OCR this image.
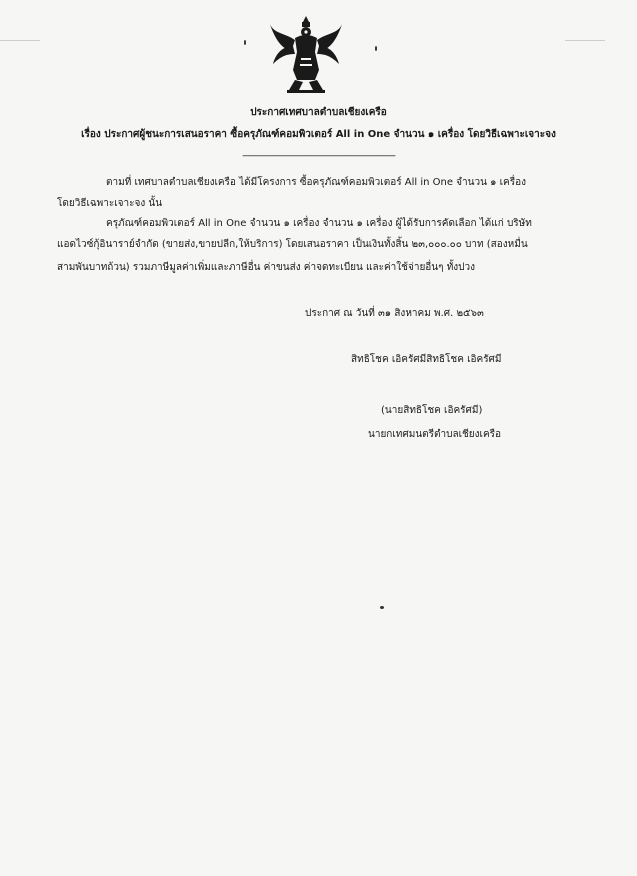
ประกาศเทศบาลตำบลเชียงเครือ
เรื่อง ประกาศผู้ชนะการเสนอราคา ซื้อครุภัณฑ์คอมพิวเตอร์ All in One จำนวน ๑ เครื่อง โดยวิธีเฉพาะเจาะจง
--------------------------------------------------------------------
ตามที่ เทศบาลตำบลเชียงเครือ ได้มีโครงการ ซื้อครุภัณฑ์คอมพิวเตอร์ All in One จำนวน ๑ เครื่อง
โดยวิธีเฉพาะเจาะจง นั้น
ครุภัณฑ์คอมพิวเตอร์ All in One จำนวน ๑ เครื่อง จำนวน ๑ เครื่อง ผู้ได้รับการคัดเลือก ได้แก่ บริษัท
แอดไวซ์กุ้อินาราย์จำกัด (ขายส่ง,ขายปลีก,ให้บริการ) โดยเสนอราคา เป็นเงินทั้งสิ้น ๒๓,๐๐๐.๐๐ บาท (สองหมื่น
สามพันบาทถ้วน) รวมภาษีมูลค่าเพิ่มและภาษีอื่น ค่าขนส่ง ค่าจดทะเบียน และค่าใช้จ่ายอื่นๆ ทั้งปวง
ประกาศ ณ วันที่ ๓๑ สิงหาคม พ.ศ. ๒๕๖๓
สิทธิโชค เอิครัศมีสิทธิโชค เอิครัศมี
(นายสิทธิโชค เอิครัศมี)
นายกเทศมนตรีตำบลเชียงเครือ
